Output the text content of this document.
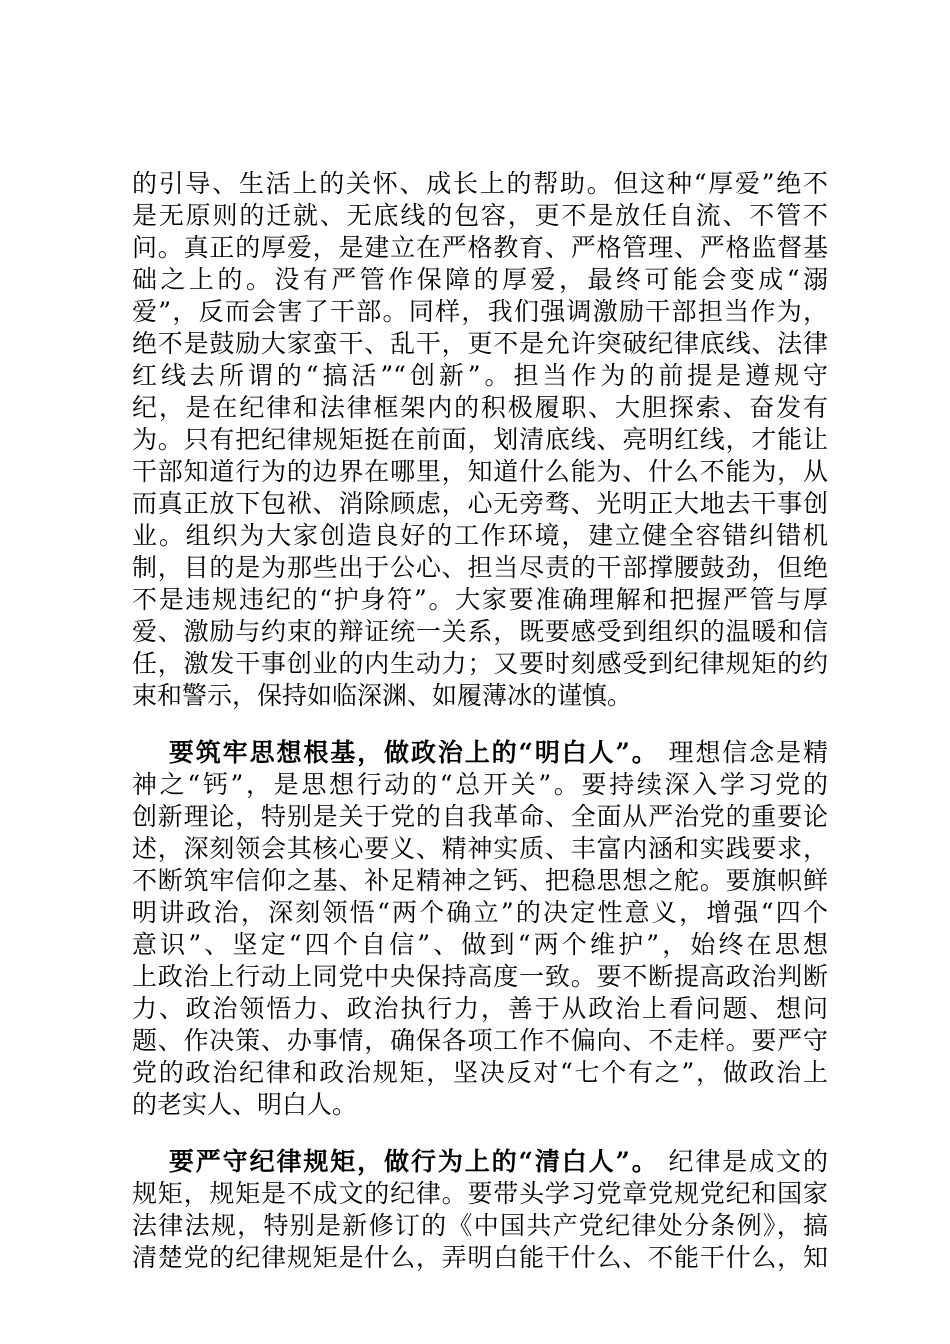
的引导、生活上的关怀、成长上的帮助。但这种“厚爱”绝不
是无原则的迁就、无底线的包容，更不是放任自流、不管不
问。真正的厚爱，是建立在严格教育、严格管理、严格监督基
础之上的。没有严管作保障的厚爱，最终可能会变成“溺
爱”，反而会害了干部。同样，我们强调激励干部担当作为，
绝不是鼓励大家蛮干、乱干，更不是允许突破纪律底线、法律
红线去所谓的“搞活”“创新”。担当作为的前提是遵规守
纪，是在纪律和法律框架内的积极履职、大胆探索、奋发有
为。只有把纪律规矩挺在前面，划清底线、亮明红线，才能让
干部知道行为的边界在哪里，知道什么能为、什么不能为，从
而真正放下包袱、消除顾虑，心无旁骛、光明正大地去干事创
业。组织为大家创造良好的工作环境，建立健全容错纠错机
制，目的是为那些出于公心、担当尽责的干部撑腰鼓劲，但绝
不是违规违纪的“护身符”。大家要准确理解和把握严管与厚
爱、激励与约束的辩证统一关系，既要感受到组织的温暖和信
任，激发干事创业的内生动力；又要时刻感受到纪律规矩的约
束和警示，保持如临深渊、如履薄冰的谨慎。
要筑牢思想根基，做政治上的“明白人”。 理想信念是精
神之“钙”，是思想行动的“总开关”。要持续深入学习党的
创新理论，特别是关于党的自我革命、全面从严治党的重要论
述，深刻领会其核心要义、精神实质、丰富内涵和实践要求，
不断筑牢信仰之基、补足精神之钙、把稳思想之舵。要旗帜鲜
明讲政治，深刻领悟“两个确立”的决定性意义，增强“四个
意识”、坚定“四个自信”、做到“两个维护”，始终在思想
上政治上行动上同党中央保持高度一致。要不断提高政治判断
力、政治领悟力、政治执行力，善于从政治上看问题、想问
题、作决策、办事情，确保各项工作不偏向、不走样。要严守
党的政治纪律和政治规矩，坚决反对“七个有之”，做政治上
的老实人、明白人。
要严守纪律规矩，做行为上的“清白人”。 纪律是成文的
规矩，规矩是不成文的纪律。要带头学习党章党规党纪和国家
法律法规，特别是新修订的《中国共产党纪律处分条例》，搞
清楚党的纪律规矩是什么，弄明白能干什么、不能干什么，知
